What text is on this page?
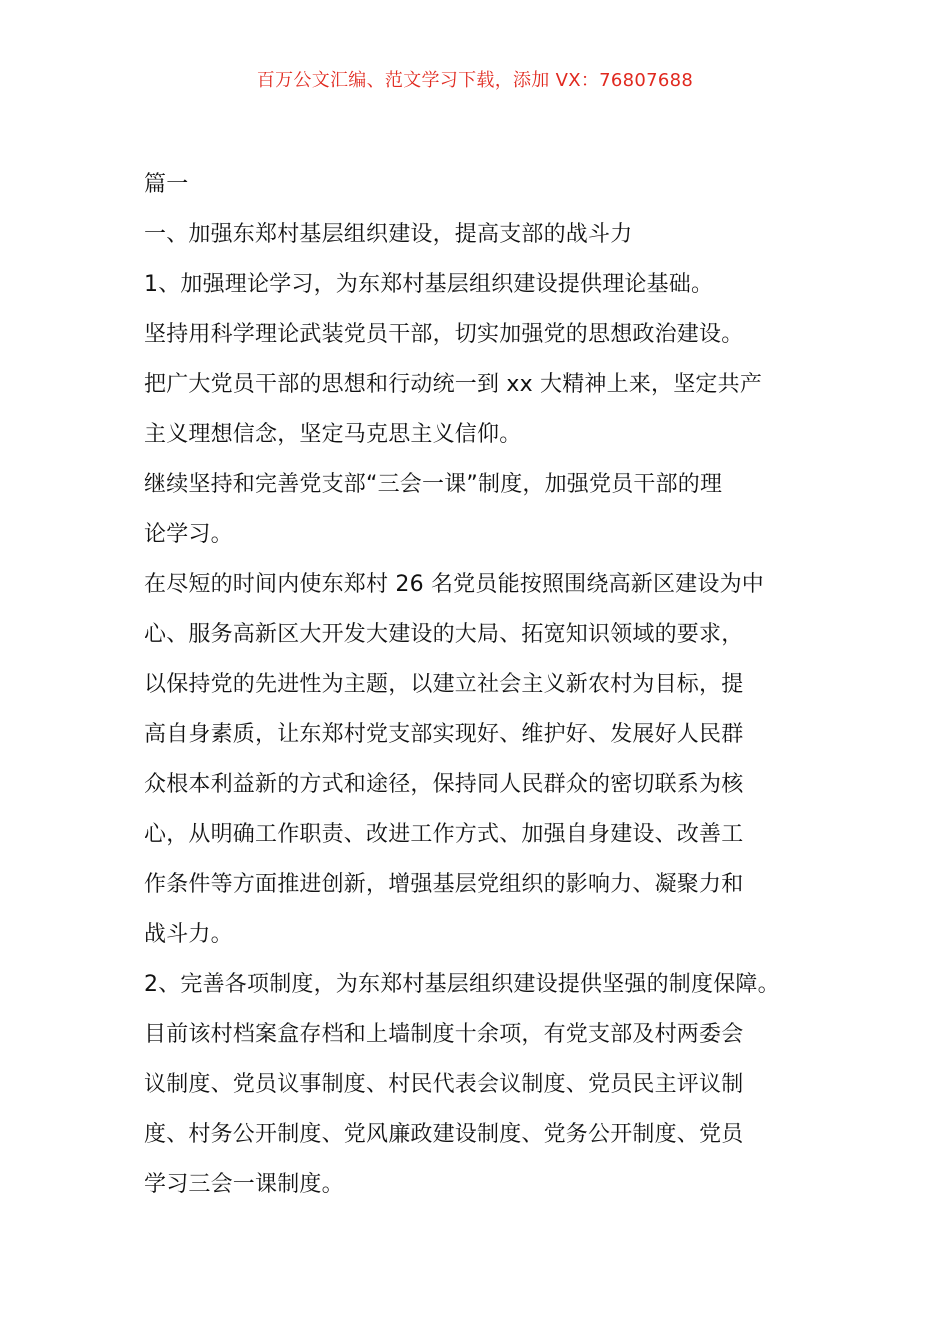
百万公文汇编、范文学习下载，添加 VX：76807688
篇一
一、加强东郑村基层组织建设，提高支部的战斗力
1、加强理论学习，为东郑村基层组织建设提供理论基础。
坚持用科学理论武装党员干部，切实加强党的思想政治建设。
把广大党员干部的思想和行动统一到 xx 大精神上来，坚定共产
主义理想信念，坚定马克思主义信仰。
继续坚持和完善党支部“三会一课”制度，加强党员干部的理
论学习。
在尽短的时间内使东郑村 26 名党员能按照围绕高新区建设为中
心、服务高新区大开发大建设的大局、拓宽知识领域的要求，
以保持党的先进性为主题，以建立社会主义新农村为目标，提
高自身素质，让东郑村党支部实现好、维护好、发展好人民群
众根本利益新的方式和途径，保持同人民群众的密切联系为核
心，从明确工作职责、改进工作方式、加强自身建设、改善工
作条件等方面推进创新，增强基层党组织的影响力、凝聚力和
战斗力。
2、完善各项制度，为东郑村基层组织建设提供坚强的制度保障。
目前该村档案盒存档和上墙制度十余项，有党支部及村两委会
议制度、党员议事制度、村民代表会议制度、党员民主评议制
度、村务公开制度、党风廉政建设制度、党务公开制度、党员
学习三会一课制度。
